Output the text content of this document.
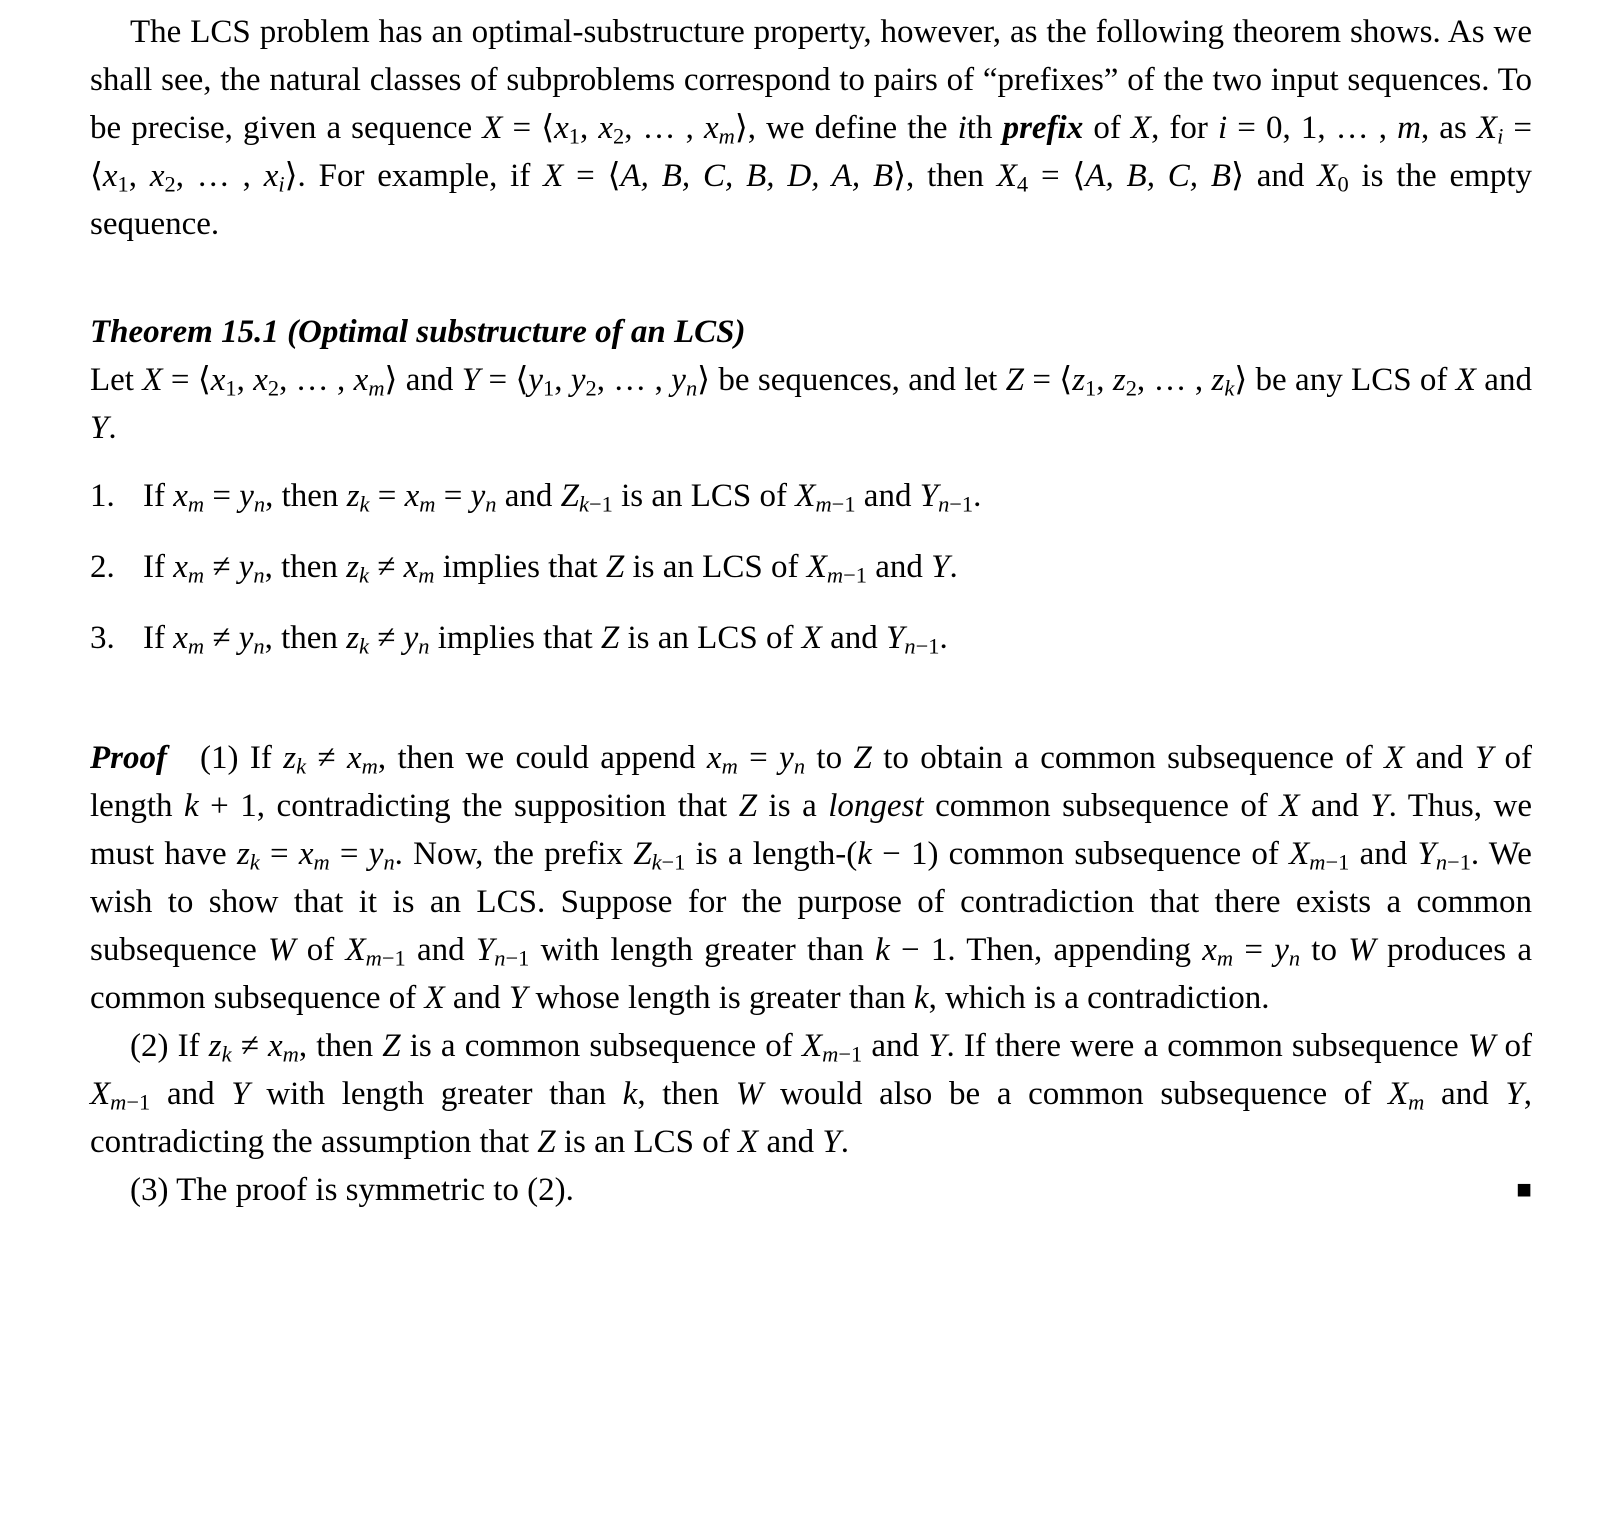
The LCS problem has an optimal-substructure property, however, as the following theorem shows. As we shall see, the natural classes of subproblems correspond to pairs of “prefixes” of the two input sequences. To be precise, given a sequence $X = ⟨x_1$, $x_2$, … , $x_m⟩$, we define the ith prefix of X, for i = 0, 1, … , m, as $X_i$ = $⟨x_1$, $x_2$, … , $x_i⟩$. For example, if X = ⟨A, B, C, B, D, A, B⟩, then $X_4$ = ⟨A, B, C, B⟩ and $X_0$ is the empty sequence.

Theorem 15.1 (Optimal substructure of an LCS)

Let $X = ⟨x_1$, $x_2$, … , $x_m⟩$ and $Y = ⟨y_1$, $y_2$, … , $y_n⟩$ be sequences, and let $Z = ⟨z_1$, $z_2$, … , $z_k⟩$ be any LCS of X and Y.

1. If $x_m = y_n$, then $z_k = x_m = y_n$ and $Z_{k-1}$ is an LCS of $X_{m-1}$ and $Y_{n-1}$.
2. If $x_m \ne y_n$, then $z_k \ne x_m$ implies that Z is an LCS of $X_{m-1}$ and Y.
3. If $x_m \ne y_n$, then $z_k \ne y_n$ implies that Z is an LCS of X and $Y_{n-1}$.

Proof (1) If $z_k \ne x_m$, then we could append $x_m = y_n$ to Z to obtain a common subsequence of X and Y of length k + 1, contradicting the supposition that Z is a longest common subsequence of X and Y. Thus, we must have $z_k = x_m = y_n$. Now, the prefix $Z_{k-1}$ is a length-(k − 1) common subsequence of $X_{m-1}$ and $Y_{n-1}$. We wish to show that it is an LCS. Suppose for the purpose of contradiction that there exists a common subsequence W of $X_{m-1}$ and $Y_{n-1}$ with length greater than k − 1. Then, appending $x_m = y_n$ to W produces a common subsequence of X and Y whose length is greater than k, which is a contradiction.

(2) If $z_k \ne x_m$, then Z is a common subsequence of $X_{m-1}$ and Y. If there were a common subsequence W of $X_{m-1}$ and Y with length greater than k, then W would also be a common subsequence of $X_m$ and Y, contradicting the assumption that Z is an LCS of X and Y.

■
(3) The proof is symmetric to (2).
